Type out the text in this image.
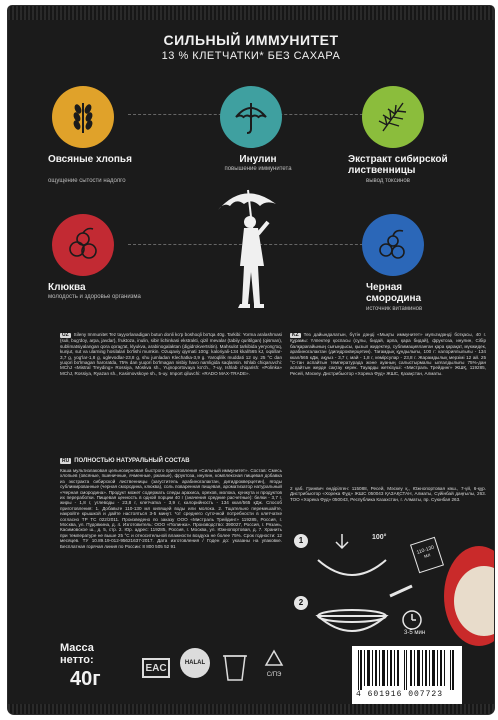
СИЛЬНЫЙ ИММУНИТЕТ
13 % КЛЕТЧАТКИ* БЕЗ САХАРА
Овсяные хлопья
ощущение сытости надолго
Инулин
повышение иммунитета
Экстракт сибирской лиственницы
вывод токсинов
Клюква
молодость и здоровье организма
Черная смородина
источник витаминов
UZ Sileny Immunitet Tez tayyorlanadigan butun donli ko'p boshoqli bo'tqa 40g. Tarkibi: Yorma aralashmasi (suli, bug'doy, arpa, javdar), fruktoza, inulin, sibir lichinkasi ekstrakti, qizil mevalar (tabiiy quritilgan) (qisman), sublimatsiyalangan qora qorag'at, klyukva, arabinogalaktan (digidrokvertsitin). Mahsulot tarkibida yeryong'oq, kunjut, sut va ularning hosilalari bo'lishi mumkin. Ozuqaviy qiymati 100g: kaloriyali-134 kkal/565 kJ, oqsillar-3,7 g, yog'lar-1,8 g, uglevodlar-23,8 g, shu jumladan Klechatka-3,9 g. Yaroqlilik muddati 12 oy. 25 °C dan yuqori bo'lmagan haroratda, 75% dan yuqori bo'lmagan nisbiy havo namligida saqlansin. Ishlab chiqaruvchi: MChJ «Mistral Treyding» Rossiya, Moskva sh., Yujnoportovaya ko'ch., 7-uy, Ishlab chiqarish: «Polinka» MChJ, Rossiya, Ryazan sh., Kasimovskoye sh., 5-uy. Import qiluvchi: «RADO MAX-TRADE».
KZ Тез дайындалатын, бүтін дәнді «Мықты иммунитет» мультидәнді ботқасы, 40 г. Құрамы: Үлпектер қоспасы (сұлы, бидай, арпа, қара бидай), фруктоза, инулин, Сібір балқарағайының сығындысы, қызыл жидектер, сублимацияланған қара қарақат, мүкжидек, арабиногалактан (дигидрокверцетин). Тағамдық құндылығы, 100 г: калориялылығы - 134 ккал/565 кДж, ақуыз - 3,7 г, май - 1,8 г, көмірсулар - 23,8 г. Жарамдылық мерзімі 12 ай. 25 °С-тан аспайтын температурада және ауаның салыстырмалы ылғалдылығы 75%-дан аспайтын жерде сақтау керек. Тауарды жеткізуші: «Мистраль Трейдинг» ЖШҚ, 119285, Ресей, Мәскеу. Дистрибьютор «Хорека Фуд» ЖШС, Қазақстан, Алматы.
RU ПОЛНОСТЬЮ НАТУРАЛЬНЫЙ СОСТАВ
Каша мультизлаковая цельнозерновая быстрого приготовления «Сильный иммунитет». Состав: Смесь хлопьев (овсяные, пшеничные, ячменные, ржаные), фруктоза, инулин, комплексная пищевая добавка из экстракта сибирской лиственницы (загуститель арабиногалактан, дигидрокверцетин), ягоды сублимированные (черная смородина, клюква), соль поваренная пищевая, ароматизатор натуральный «Черная смородина». Продукт может содержать следы арахиса, орехов, молока, кунжута и продуктов их переработки. Пищевая ценность в одной порции 40 г (значения средние расчетные): белки - 3,7 г, жиры - 1,8 г, углеводы - 23,8 г, клетчатка - 3,9 г, калорийность - 134 ккал/565 кДж. Способ приготовления: 1. Добавьте 110-130 мл кипящей воды или молока. 2. Тщательно перемешайте, накройте крышкой и дайте настояться 3-5 минут. *от среднего суточной потребности в клетчатке согласно ТР ТС 022/2011. Произведено по заказу ООО «Мистраль Трейдинг» 119285, Россия, г. Москва, ул. Пудовкина, д. 4. Изготовитель: ООО «Полинка». Производство: 390027, Россия, г. Рязань, Касимовское ш., д. 5, стр. 2. Юр. адрес: 119285, Россия, г. Москва, ул. Южнопортовая, д. 7. Хранить при температуре не выше 25 °С и относительной влажности воздуха не более 75%. Срок годности: 12 месяцев. ТУ 10.89.19-012-95621637-2017. Дата изготовления / Годен до: указаны на упаковке. Бесплатная горячая линия по России: 8 800 505 52 91
2 қаб. Гринвич өндірілген: 115088, Ресей, Мәскеу қ., Южнопортовая көш., 7-үй, 6-құр. Дистрибьютор «Хорека Фуд» ЖШС 050043 ҚАЗАҚСТАН, Алматы, Сүйінбай даңғылы, 263. ТОО «Хорека Фуд» 050043, Республика Казахстан, г. Алматы, пр. Суюнбая 263.
1
2
100°
110-130 мл
3-5 мин
Масса нетто:
40г	EAC	HALAL
С/ПЭ
4 601916 007723
